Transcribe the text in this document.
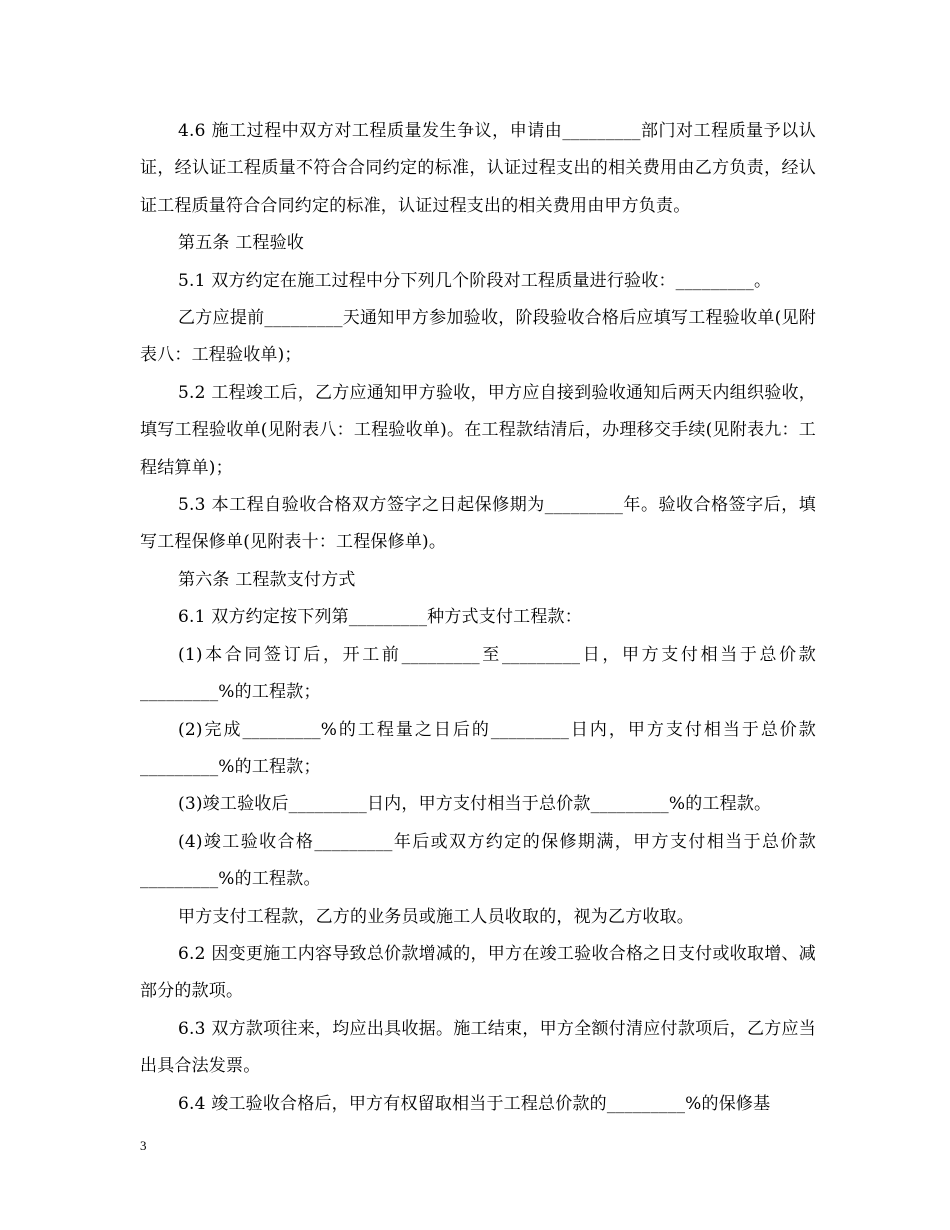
4.6 施工过程中双方对工程质量发生争议，申请由_________部门对工程质量予以认证，经认证工程质量不符合合同约定的标准，认证过程支出的相关费用由乙方负责，经认证工程质量符合合同约定的标准，认证过程支出的相关费用由甲方负责。

第五条 工程验收

5.1 双方约定在施工过程中分下列几个阶段对工程质量进行验收：_________。

乙方应提前_________天通知甲方参加验收，阶段验收合格后应填写工程验收单(见附表八：工程验收单)；

5.2 工程竣工后，乙方应通知甲方验收，甲方应自接到验收通知后两天内组织验收，填写工程验收单(见附表八：工程验收单)。在工程款结清后，办理移交手续(见附表九：工程结算单)；

5.3 本工程自验收合格双方签字之日起保修期为_________年。验收合格签字后，填写工程保修单(见附表十：工程保修单)。

第六条 工程款支付方式

6.1 双方约定按下列第_________种方式支付工程款：

(1)本合同签订后，开工前_________至_________日，甲方支付相当于总价款_________%的工程款；

(2)完成_________%的工程量之日后的_________日内，甲方支付相当于总价款_________%的工程款；

(3)竣工验收后_________日内，甲方支付相当于总价款_________%的工程款。

(4)竣工验收合格_________年后或双方约定的保修期满，甲方支付相当于总价款_________%的工程款。

甲方支付工程款，乙方的业务员或施工人员收取的，视为乙方收取。

6.2 因变更施工内容导致总价款增减的，甲方在竣工验收合格之日支付或收取增、减部分的款项。

6.3 双方款项往来，均应出具收据。施工结束，甲方全额付清应付款项后，乙方应当出具合法发票。

6.4 竣工验收合格后，甲方有权留取相当于工程总价款的_________%的保修基

3
